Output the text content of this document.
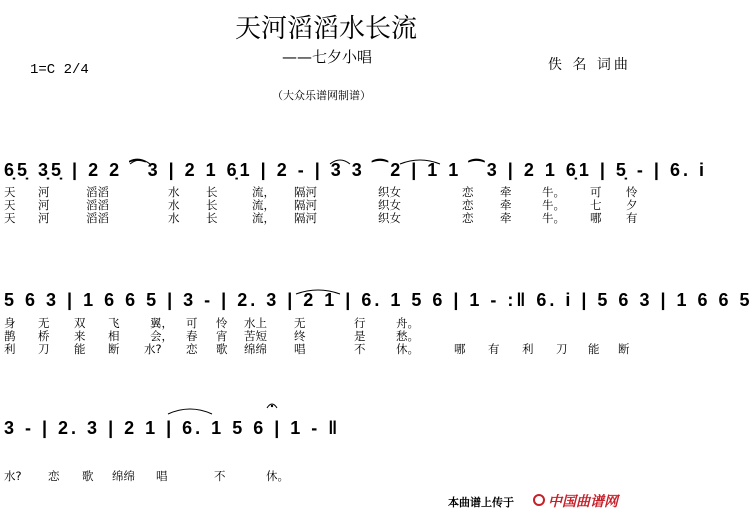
天河滔滔水长流
——七夕小唱
1=C 2/4	佚 名 词曲
（大众乐谱网制谱）
6̣5̣ 3̣5̣ | 2 2 ⁀3 | 2 1 6̣1 | 2 - | 3 3 ⁀2 | 1 1 ⁀3 | 2 1 6̣1 | 5̣ - | 6. i
天 河	滔滔	水 长	流， 隔河	织女	恋 牵	牛。 可 怜
天 河	滔滔	水 长	流， 隔河	织女	恋 牵	牛。 七 夕
天 河	滔滔	水 长	流， 隔河	织女	恋 牵	牛。 哪 有
5 6 3 | 1 6 6 5 | 3 - | 2. 3 | 2 1 | 6. 1 5 6 | 1 - :‖ 6. i | 5 6 3 | 1 6 6 5
身 无 双 飞	翼， 可 怜 水上 无	行	舟。
鹊 桥 来 相	会， 春 宵 苦短 终	是	愁。
利 刀 能 断 水? 恋 歌 绵绵 唱	不	休。	哪 有 利 刀 能 断
3 - | 2. 3 | 2 1 | 6. 1 5 6 | 1 - ‖
水? 恋 歌 绵绵 唱	不	休。
本曲谱上传于 中国曲谱网
